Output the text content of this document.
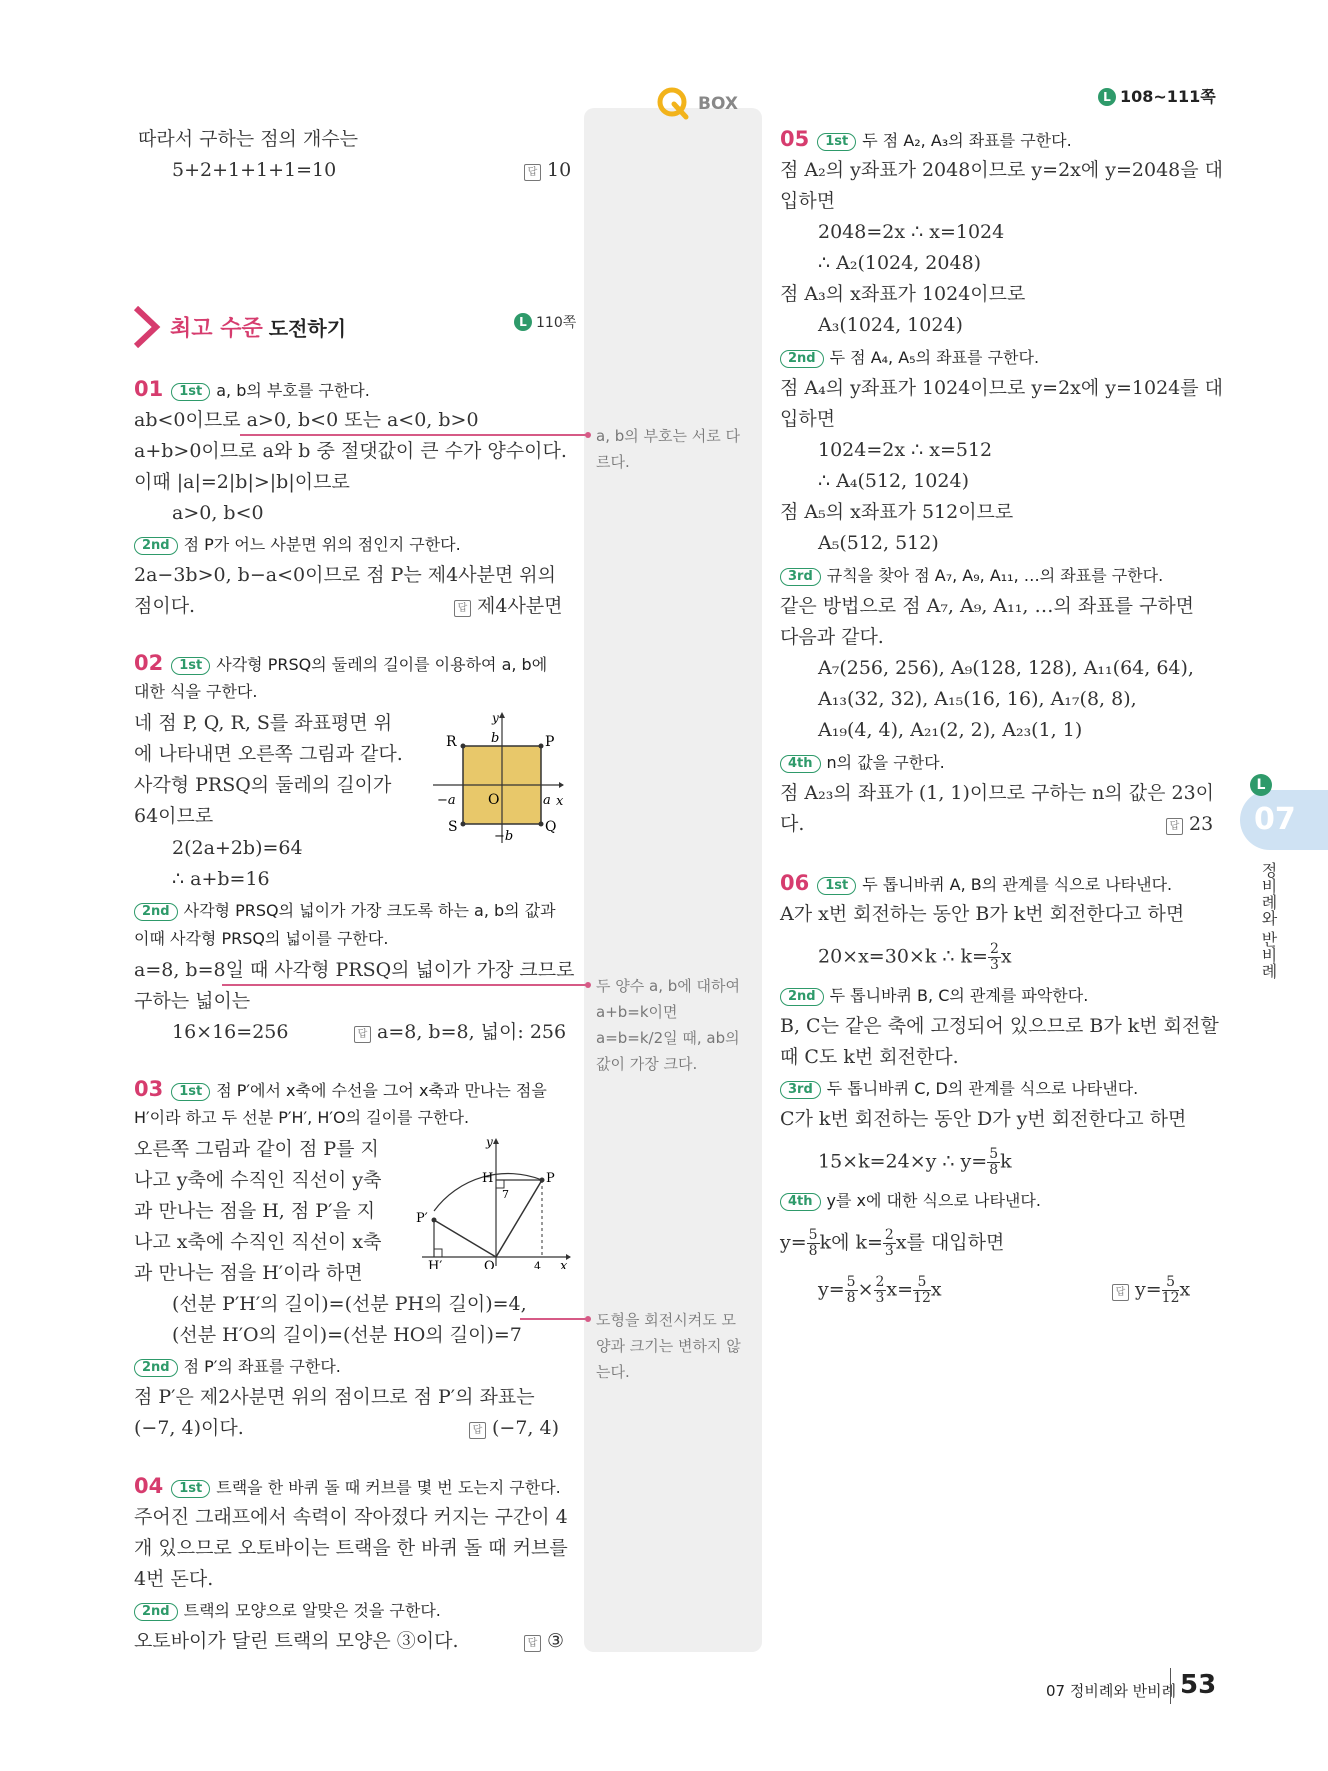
BOX	L 108~111쪽
따라서 구하는 점의 개수는
5+2+1+1+1=10	답 10
최고 수준 도전하기	L 110쪽
01 1st a, b의 부호를 구한다.
ab<0이므로 a>0, b<0 또는 a<0, b>0
a+b>0이므로 a와 b 중 절댓값이 큰 수가 양수이다.
이때 |a|=2|b|>|b|이므로
a>0, b<0
2nd 점 P가 어느 사분면 위의 점인지 구한다.
2a−3b>0, b−a<0이므로 점 P는 제4사분면 위의
점이다.	답 제4사분면
02 1st 사각형 PRSQ의 둘레의 길이를 이용하여 a, b에
대한 식을 구한다.
네 점 P, Q, R, S를 좌표평면 위
에 나타내면 오른쪽 그림과 같다.
사각형 PRSQ의 둘레의 길이가
64이므로
2(2a+2b)=64
∴ a+b=16
2nd 사각형 PRSQ의 넓이가 가장 크도록 하는 a, b의 값과
이때 사각형 PRSQ의 넓이를 구한다.
a=8, b=8일 때 사각형 PRSQ의 넓이가 가장 크므로
구하는 넓이는
16×16=256	답 a=8, b=8, 넓이: 256
y
x
b
−b
a
−a O
P
Q
R
S
03 1st 점 P′에서 x축에 수선을 그어 x축과 만나는 점을
H′이라 하고 두 선분 P′H′, H′O의 길이를 구한다.
오른쪽 그림과 같이 점 P를 지
나고 y축에 수직인 직선이 y축
과 만나는 점을 H, 점 P′을 지
나고 x축에 수직인 직선이 x축
과 만나는 점을 H′이라 하면
(선분 P′H′의 길이)=(선분 PH의 길이)=4,
(선분 H′O의 길이)=(선분 HO의 길이)=7
2nd 점 P′의 좌표를 구한다.
점 P′은 제2사분면 위의 점이므로 점 P′의 좌표는
(−7, 4)이다.	답 (−7, 4)
y
x
H	P
P′
H′	O
7
4
04 1st 트랙을 한 바퀴 돌 때 커브를 몇 번 도는지 구한다.
주어진 그래프에서 속력이 작아졌다 커지는 구간이 4
개 있으므로 오토바이는 트랙을 한 바퀴 돌 때 커브를
4번 돈다.
2nd 트랙의 모양으로 알맞은 것을 구한다.
오토바이가 달린 트랙의 모양은 ③이다.	답 ③
a, b의 부호는 서로 다
르다.
두 양수 a, b에 대하여
a+b=k이면
a=b=k/2일 때, ab의
값이 가장 크다.
도형을 회전시켜도 모
양과 크기는 변하지 않
는다.
05 1st 두 점 A₂, A₃의 좌표를 구한다.
점 A₂의 y좌표가 2048이므로 y=2x에 y=2048을 대
입하면
2048=2x ∴ x=1024
∴ A₂(1024, 2048)
점 A₃의 x좌표가 1024이므로
A₃(1024, 1024)
2nd 두 점 A₄, A₅의 좌표를 구한다.
점 A₄의 y좌표가 1024이므로 y=2x에 y=1024를 대
입하면
1024=2x ∴ x=512
∴ A₄(512, 1024)
점 A₅의 x좌표가 512이므로
A₅(512, 512)
3rd 규칙을 찾아 점 A₇, A₉, A₁₁, …의 좌표를 구한다.
같은 방법으로 점 A₇, A₉, A₁₁, …의 좌표를 구하면
다음과 같다.
A₇(256, 256), A₉(128, 128), A₁₁(64, 64),
A₁₃(32, 32), A₁₅(16, 16), A₁₇(8, 8),
A₁₉(4, 4), A₂₁(2, 2), A₂₃(1, 1)
4th n의 값을 구한다.
점 A₂₃의 좌표가 (1, 1)이므로 구하는 n의 값은 23이
다.	답 23
06 1st 두 톱니바퀴 A, B의 관계를 식으로 나타낸다.
A가 x번 회전하는 동안 B가 k번 회전한다고 하면
20×x=30×k ∴ $k= \frac{2}{3}$ x
2nd 두 톱니바퀴 B, C의 관계를 파악한다.
B, C는 같은 축에 고정되어 있으므로 B가 k번 회전할
때 C도 k번 회전한다.
3rd 두 톱니바퀴 C, D의 관계를 식으로 나타낸다.
C가 k번 회전하는 동안 D가 y번 회전한다고 하면
15×k=24×y ∴ $y= \frac{5}{8}$ k
4th y를 x에 대한 식으로 나타낸다.
$y= \frac{5}{8}$ k에 $k= \frac{2}{3}$ x를 대입하면
$y= \frac{5}{8} \times \frac{2}{3} x= \frac{5}{12}$ x	답 $y= \frac{5}{12}$ x
L
07
정비례와 반비례
07 정비례와 반비례 53
